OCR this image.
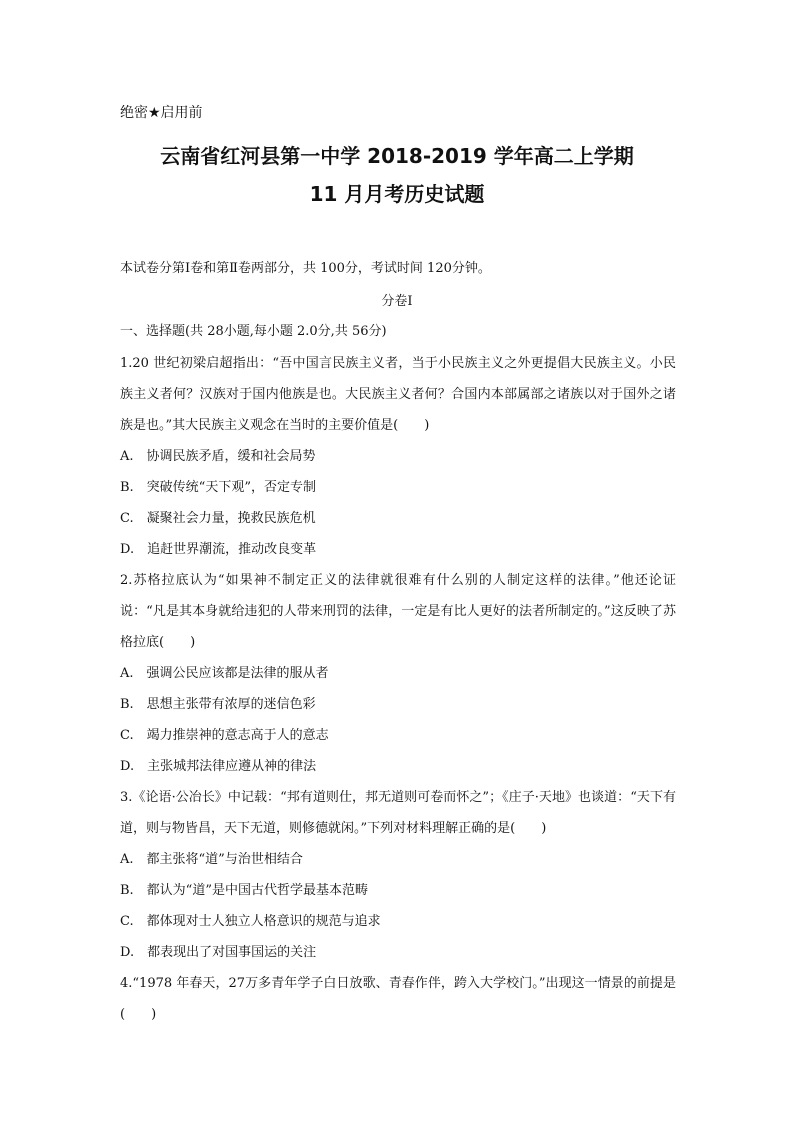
绝密★启用前
云南省红河县第一中学 2018-2019 学年高二上学期
11 月月考历史试题
本试卷分第Ⅰ卷和第Ⅱ卷两部分，共 100分，考试时间 120分钟。
分卷I
一、选择题(共 28小题,每小题 2.0分,共 56分)

1.20 世纪初梁启超指出：“吾中国言民族主义者，当于小民族主义之外更提倡大民族主义。小民族主义者何？汉族对于国内他族是也。大民族主义者何？合国内本部属部之诸族以对于国外之诸族是也。”其大民族主义观念在当时的主要价值是(　　)

A.　协调民族矛盾，缓和社会局势

B.　突破传统“天下观”，否定专制

C.　凝聚社会力量，挽救民族危机

D.　追赶世界潮流，推动改良变革

2.苏格拉底认为“如果神不制定正义的法律就很难有什么别的人制定这样的法律。”他还论证说：“凡是其本身就给违犯的人带来刑罚的法律，一定是有比人更好的法者所制定的。”这反映了苏格拉底(　　)

A.　强调公民应该都是法律的服从者

B.　思想主张带有浓厚的迷信色彩

C.　竭力推崇神的意志高于人的意志

D.　主张城邦法律应遵从神的律法

3.《论语·公冶长》中记载：“邦有道则仕，邦无道则可卷而怀之”；《庄子·天地》也谈道：“天下有道，则与物皆昌，天下无道，则修德就闲。”下列对材料理解正确的是(　　)

A.　都主张将“道”与治世相结合

B.　都认为“道”是中国古代哲学最基本范畴

C.　都体现对士人独立人格意识的规范与追求

D.　都表现出了对国事国运的关注

4.“1978 年春天，27万多青年学子白日放歌、青春作伴，跨入大学校门。”出现这一情景的前提是(　　)
